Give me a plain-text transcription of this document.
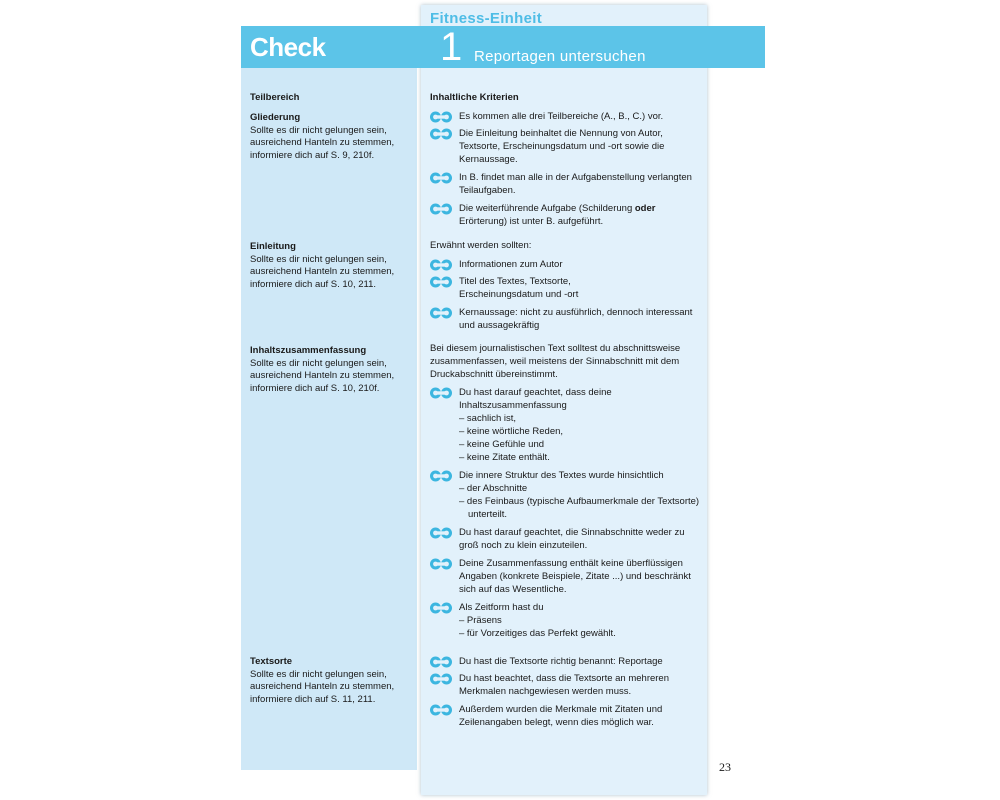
Fitness-Einheit
Check	1 Reportagen untersuchen
Teilbereich	Inhaltliche Kriterien
Gliederung
Sollte es dir nicht gelungen sein, ausreichend Hanteln zu stemmen, informiere dich auf S. 9, 210f.
Einleitung
Sollte es dir nicht gelungen sein, ausreichend Hanteln zu stemmen, informiere dich auf S. 10, 211.
Inhaltszusammenfassung
Sollte es dir nicht gelungen sein, ausreichend Hanteln zu stemmen, informiere dich auf S. 10, 210f.
Textsorte
Sollte es dir nicht gelungen sein, ausreichend Hanteln zu stemmen, informiere dich auf S. 11, 211.
Es kommen alle drei Teilbereiche (A., B., C.) vor.
Die Einleitung beinhaltet die Nennung von Autor, Textsorte, Erscheinungsdatum und -ort sowie die Kernaussage.
In B. findet man alle in der Aufgabenstellung verlangten Teilaufgaben.
Die weiterführende Aufgabe (Schilderung oder Erörterung) ist unter B. aufgeführt.
Erwähnt werden sollten:
Informationen zum Autor
Titel des Textes, Textsorte, Erscheinungsdatum und -ort
Kernaussage: nicht zu ausführlich, dennoch interessant und aussagekräftig
Bei diesem journalistischen Text solltest du abschnittsweise zusammenfassen, weil meistens der Sinnabschnitt mit dem Druckabschnitt übereinstimmt.
Du hast darauf geachtet, dass deine Inhaltszusammenfassung
– sachlich ist,
– keine wörtliche Reden,
– keine Gefühle und
– keine Zitate enthält.
Die innere Struktur des Textes wurde hinsichtlich
– der Abschnitte
– des Feinbaus (typische Aufbaumerkmale der Textsorte)
unterteilt.
Du hast darauf geachtet, die Sinnabschnitte weder zu groß noch zu klein einzuteilen.
Deine Zusammenfassung enthält keine überflüssigen Angaben (konkrete Beispiele, Zitate ...) und beschränkt sich auf das Wesentliche.
Als Zeitform hast du
– Präsens
– für Vorzeitiges das Perfekt gewählt.
Du hast die Textsorte richtig benannt: Reportage
Du hast beachtet, dass die Textsorte an mehreren Merkmalen nachgewiesen werden muss.
Außerdem wurden die Merkmale mit Zitaten und Zeilenangaben belegt, wenn dies möglich war.
23
